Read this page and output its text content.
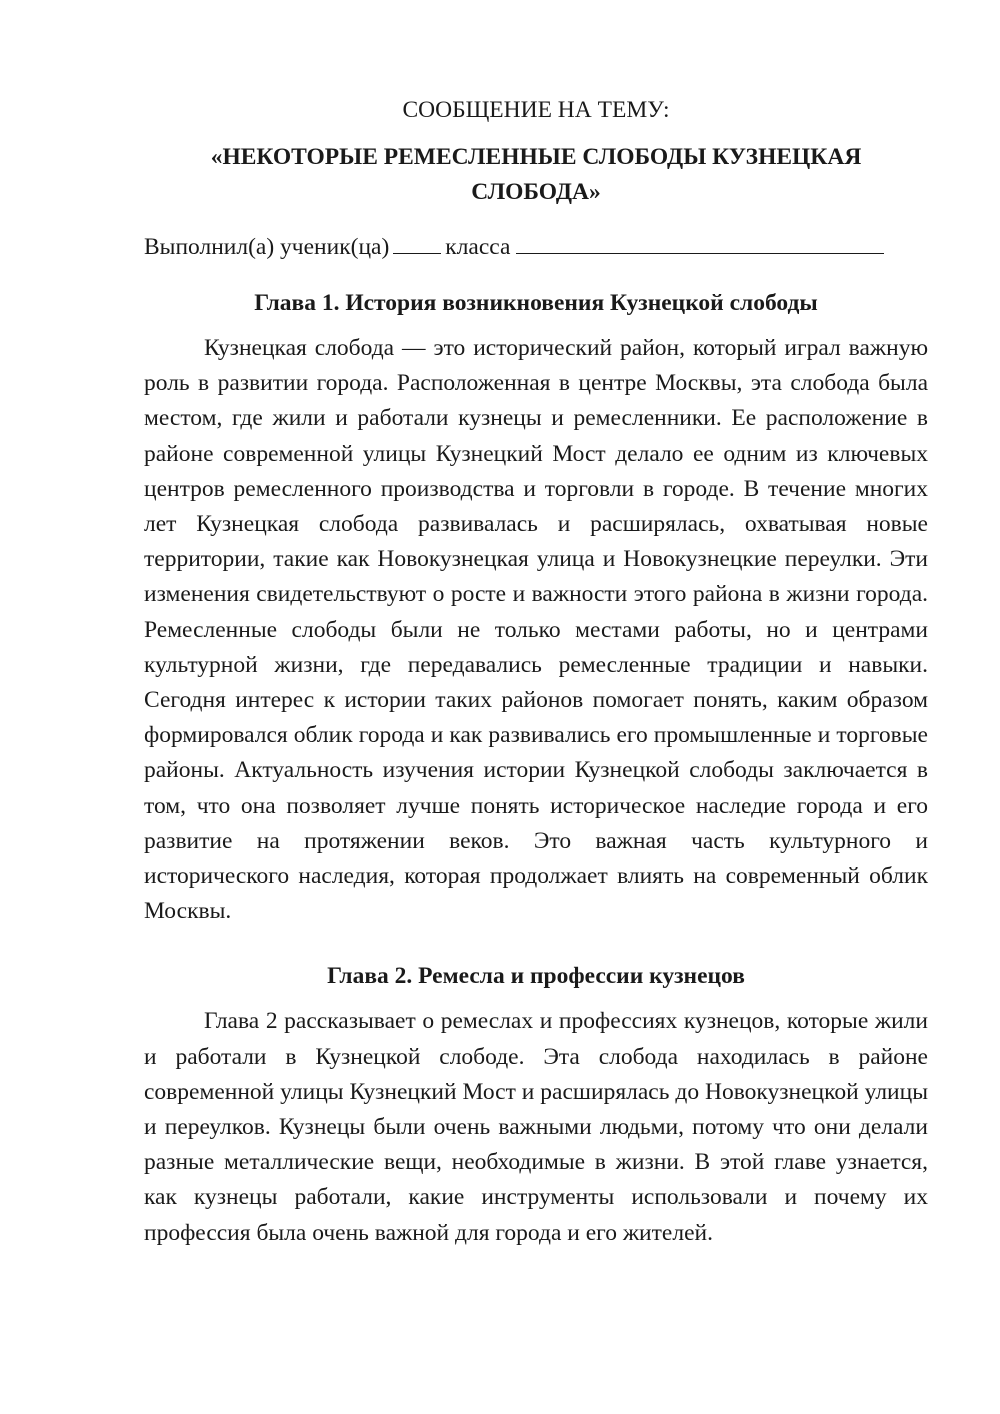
СООБЩЕНИЕ НА ТЕМУ:

«НЕКОТОРЫЕ РЕМЕСЛЕННЫЕ СЛОБОДЫ КУЗНЕЦКАЯ

СЛОБОДА»

Выполнил(а) ученик(ца) класса
Глава 1. История возникновения Кузнецкой слободы

Кузнецкая слобода — это исторический район, который играл важную роль в развитии города. Расположенная в центре Москвы, эта слобода была местом, где жили и работали кузнецы и ремесленники. Ее расположение в районе современной улицы Кузнецкий Мост делало ее одним из ключевых центров ремесленного производства и торговли в городе. В течение многих лет Кузнецкая слобода развивалась и расширялась, охватывая новые территории, такие как Новокузнецкая улица и Новокузнецкие переулки. Эти изменения свидетельствуют о росте и важности этого района в жизни города. Ремесленные слободы были не только местами работы, но и центрами культурной жизни, где передавались ремесленные традиции и навыки. Сегодня интерес к истории таких районов помогает понять, каким образом формировался облик города и как развивались его промышленные и торговые районы. Актуальность изучения истории Кузнецкой слободы заключается в том, что она позволяет лучше понять историческое наследие города и его развитие на протяжении веков. Это важная часть культурного и исторического наследия, которая продолжает влиять на современный облик Москвы.

Глава 2. Ремесла и профессии кузнецов

Глава 2 рассказывает о ремеслах и профессиях кузнецов, которые жили и работали в Кузнецкой слободе. Эта слобода находилась в районе современной улицы Кузнецкий Мост и расширялась до Новокузнецкой улицы и переулков. Кузнецы были очень важными людьми, потому что они делали разные металлические вещи, необходимые в жизни. В этой главе узнается, как кузнецы работали, какие инструменты использовали и почему их профессия была очень важной для города и его жителей.
